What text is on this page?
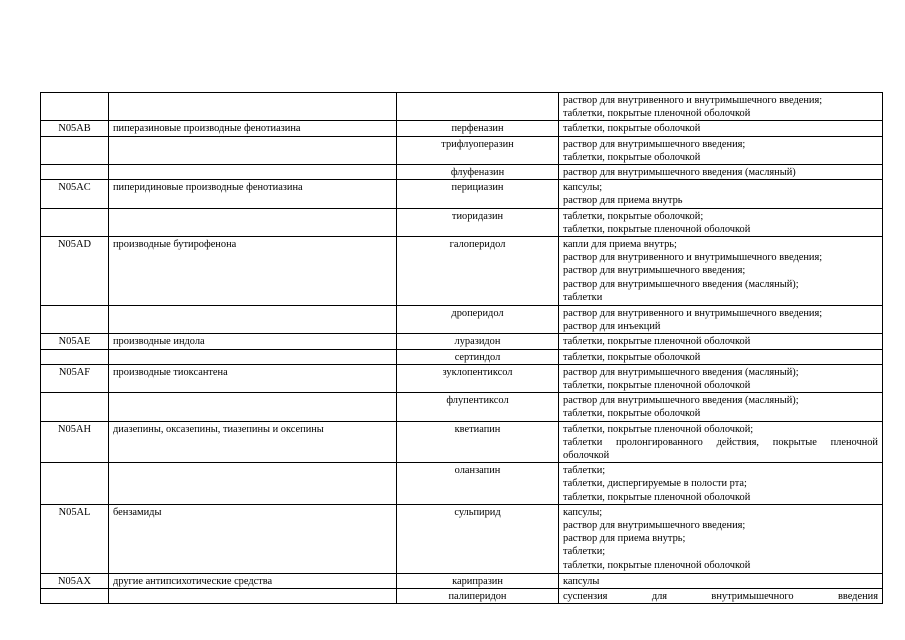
			раствор для внутривенного и внутримышечного введения;
таблетки, покрытые пленочной оболочкой

N05AB	пиперазиновые производные фенотиазина	перфеназин	таблетки, покрытые оболочкой

		трифлуоперазин	раствор для внутримышечного введения;
таблетки, покрытые оболочкой

		флуфеназин	раствор для внутримышечного введения (масляный)

N05AC	пиперидиновые производные фенотиазина	перициазин	капсулы;
раствор для приема внутрь

		тиоридазин	таблетки, покрытые оболочкой;
таблетки, покрытые пленочной оболочкой

N05AD	производные бутирофенона	галоперидол	капли для приема внутрь;
раствор для внутривенного и внутримышечного введения;
раствор для внутримышечного введения;
раствор для внутримышечного введения (масляный);
таблетки

		дроперидол	раствор для внутривенного и внутримышечного введения;
раствор для инъекций

N05AE	производные индола	луразидон	таблетки, покрытые пленочной оболочкой

		сертиндол	таблетки, покрытые оболочкой

N05AF	производные тиоксантена	зуклопентиксол	раствор для внутримышечного введения (масляный);
таблетки, покрытые пленочной оболочкой

		флупентиксол	раствор для внутримышечного введения (масляный);
таблетки, покрытые оболочкой

N05AH	диазепины, оксазепины, тиазепины и оксепины	кветиапин	таблетки, покрытые пленочной оболочкой;
таблетки пролонгированного действия, покрытые пленочной оболочкой

		оланзапин	таблетки;
таблетки, диспергируемые в полости рта;
таблетки, покрытые пленочной оболочкой

N05AL	бензамиды	сульпирид	капсулы;
раствор для внутримышечного введения;
раствор для приема внутрь;
таблетки;
таблетки, покрытые пленочной оболочкой

N05AX	другие антипсихотические средства	карипразин	капсулы

		палиперидон	суспензия для внутримышечного введения
